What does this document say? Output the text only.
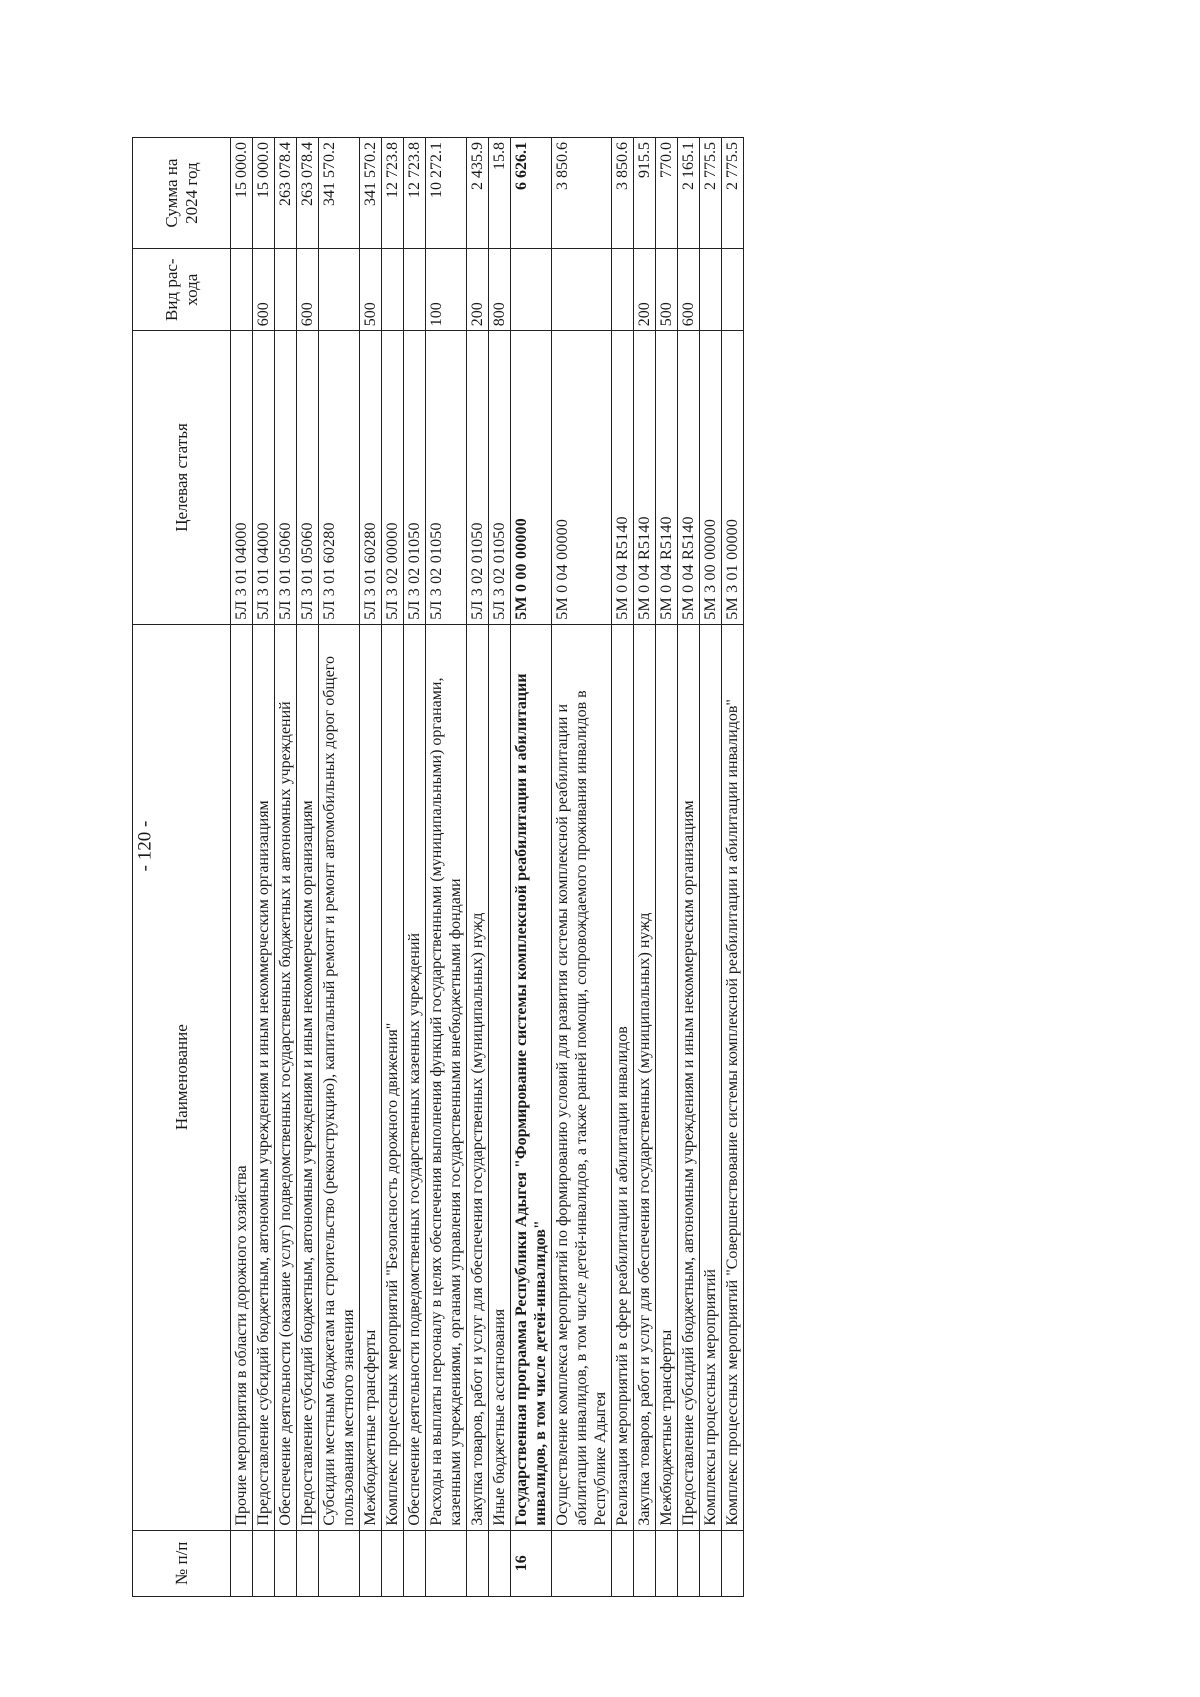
- 120 -
№ п/п	Наименование	Целевая статья	Вид рас-хода	Сумма на 2024 год
	Прочие мероприятия в области дорожного хозяйства	5Л 3 01 04000		15 000.0
	Предоставление субсидий бюджетным, автономным учреждениям и иным некоммерческим организациям	5Л 3 01 04000	600	15 000.0
	Обеспечение деятельности (оказание услуг) подведомственных государственных бюджетных и автономных учреждений	5Л 3 01 05060		263 078.4
	Предоставление субсидий бюджетным, автономным учреждениям и иным некоммерческим организациям	5Л 3 01 05060	600	263 078.4
	Субсидии местным бюджетам на строительство (реконструкцию), капитальный ремонт и ремонт автомобильных дорог общего пользования местного значения	5Л 3 01 60280		341 570.2
	Межбюджетные трансферты	5Л 3 01 60280	500	341 570.2
	Комплекс процессных мероприятий "Безопасность дорожного движения"	5Л 3 02 00000		12 723.8
	Обеспечение деятельности подведомственных государственных казенных учреждений	5Л 3 02 01050		12 723.8
	Расходы на выплаты персоналу в целях обеспечения выполнения функций государственными (муниципальными) органами, казенными учреждениями, органами управления государственными внебюджетными фондами	5Л 3 02 01050	100	10 272.1
	Закупка товаров, работ и услуг для обеспечения государственных (муниципальных) нужд	5Л 3 02 01050	200	2 435.9
	Иные бюджетные ассигнования	5Л 3 02 01050	800	15.8
16	Государственная программа Республики Адыгея "Формирование системы комплексной реабилитации и абилитации инвалидов, в том числе детей-инвалидов"	5М 0 00 00000		6 626.1
	Осуществление комплекса мероприятий по формированию условий для развития системы комплексной реабилитации и абилитации инвалидов, в том числе детей-инвалидов, а также ранней помощи, сопровождаемого проживания инвалидов в Республике Адыгея	5М 0 04 00000		3 850.6
	Реализация мероприятий в сфере реабилитации и абилитации инвалидов	5М 0 04 R5140		3 850.6
	Закупка товаров, работ и услуг для обеспечения государственных (муниципальных) нужд	5М 0 04 R5140	200	915.5
	Межбюджетные трансферты	5М 0 04 R5140	500	770.0
	Предоставление субсидий бюджетным, автономным учреждениям и иным некоммерческим организациям	5М 0 04 R5140	600	2 165.1
	Комплексы процессных мероприятий	5М 3 00 00000		2 775.5
	Комплекс процессных мероприятий "Совершенствование системы комплексной реабилитации и абилитации инвалидов"	5М 3 01 00000		2 775.5
